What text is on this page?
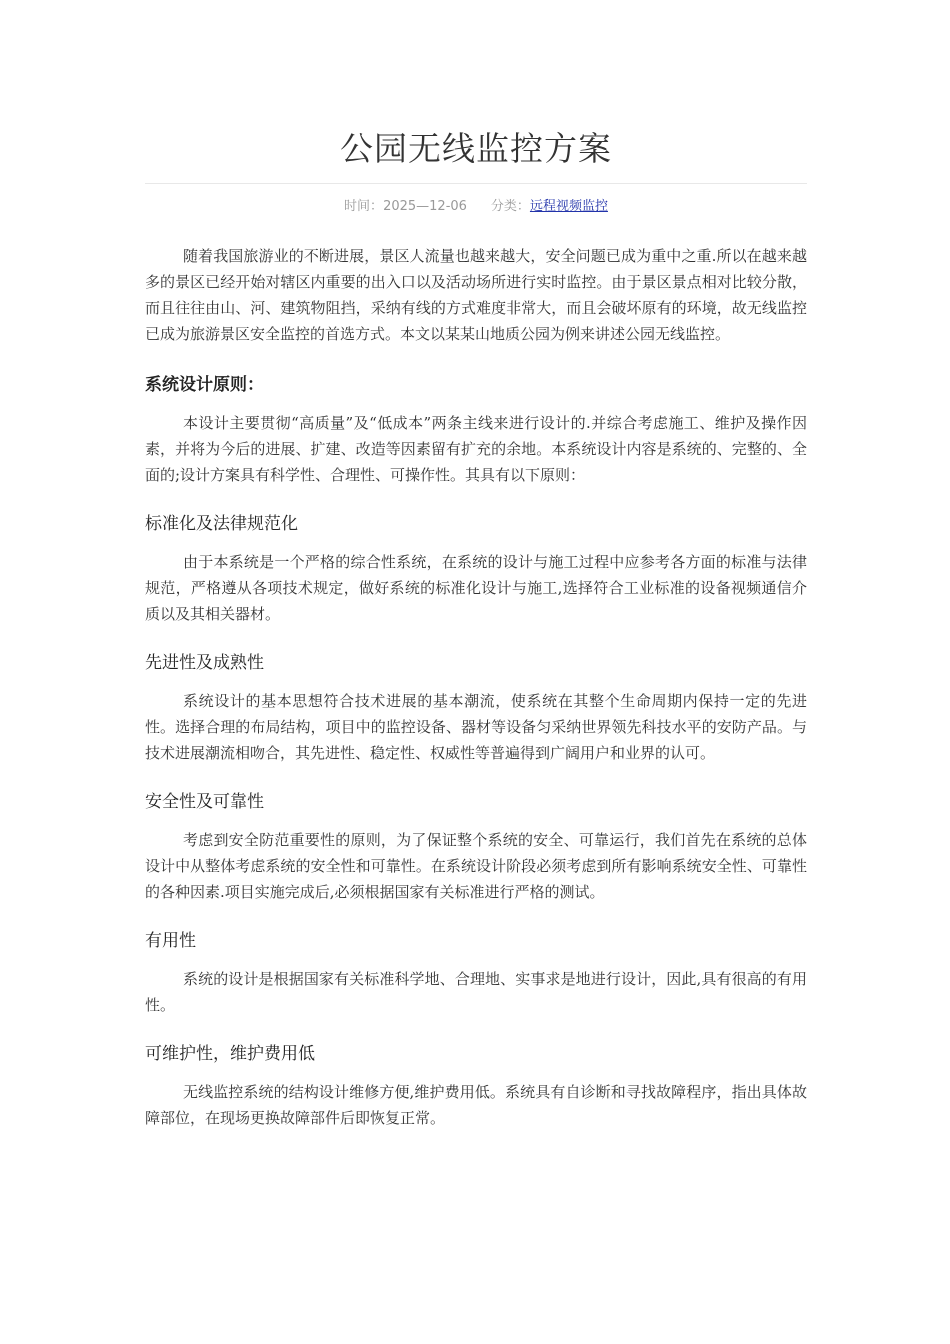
公园无线监控方案
时间：2025—12-06 分类：远程视频监控

随着我国旅游业的不断进展，景区人流量也越来越大，安全问题已成为重中之重.所以在越来越多的景区已经开始对辖区内重要的出入口以及活动场所进行实时监控。由于景区景点相对比较分散，而且往往由山、河、建筑物阻挡，采纳有线的方式难度非常大，而且会破坏原有的环境，故无线监控已成为旅游景区安全监控的首选方式。本文以某某山地质公园为例来讲述公园无线监控。

系统设计原则：

本设计主要贯彻“高质量”及“低成本”两条主线来进行设计的.并综合考虑施工、维护及操作因素，并将为今后的进展、扩建、改造等因素留有扩充的余地。本系统设计内容是系统的、完整的、全面的;设计方案具有科学性、合理性、可操作性。其具有以下原则：

标准化及法律规范化

由于本系统是一个严格的综合性系统，在系统的设计与施工过程中应参考各方面的标准与法律规范，严格遵从各项技术规定，做好系统的标准化设计与施工,选择符合工业标准的设备视频通信介质以及其相关器材。

先进性及成熟性

系统设计的基本思想符合技术进展的基本潮流，使系统在其整个生命周期内保持一定的先进性。选择合理的布局结构，项目中的监控设备、器材等设备匀采纳世界领先科技水平的安防产品。与技术进展潮流相吻合，其先进性、稳定性、权威性等普遍得到广阔用户和业界的认可。

安全性及可靠性

考虑到安全防范重要性的原则，为了保证整个系统的安全、可靠运行，我们首先在系统的总体设计中从整体考虑系统的安全性和可靠性。在系统设计阶段必须考虑到所有影响系统安全性、可靠性的各种因素.项目实施完成后,必须根据国家有关标准进行严格的测试。

有用性

系统的设计是根据国家有关标准科学地、合理地、实事求是地进行设计，因此,具有很高的有用性。

可维护性，维护费用低

无线监控系统的结构设计维修方便,维护费用低。系统具有自诊断和寻找故障程序，指出具体故障部位，在现场更换故障部件后即恢复正常。
